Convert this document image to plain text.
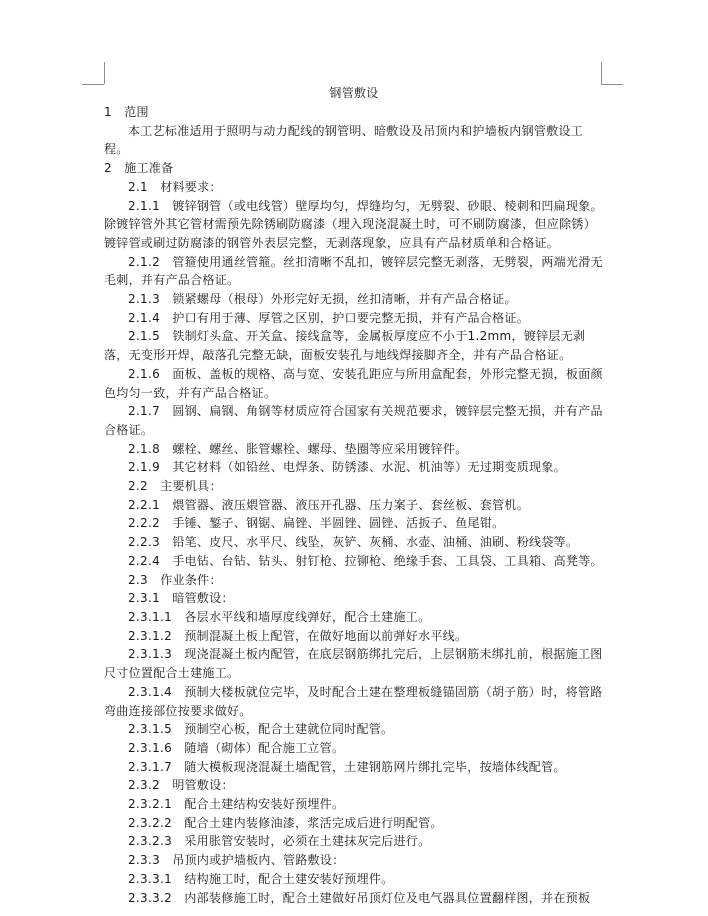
钢管敷设
1　范围
本工艺标准适用于照明与动力配线的钢管明、暗敷设及吊顶内和护墙板内钢管敷设工程。
2　施工准备
2.1　材料要求：
2.1.1　镀锌钢管（或电线管）壁厚均匀，焊缝均匀，无劈裂、砂眼、棱刺和凹扁现象。除镀锌管外其它管材需预先除锈刷防腐漆（埋入现浇混凝土时，可不刷防腐漆，但应除锈）镀锌管或刷过防腐漆的钢管外表层完整，无剥落现象，应具有产品材质单和合格证。
2.1.2　管箍使用通丝管箍。丝扣清晰不乱扣，镀锌层完整无剥落，无劈裂，两端光滑无毛刺，并有产品合格证。
2.1.3　锁紧螺母（根母）外形完好无损，丝扣清晰，并有产品合格证。
2.1.4　护口有用于薄、厚管之区别，护口要完整无损，并有产品合格证。
2.1.5　铁制灯头盒、开关盒、接线盒等，金属板厚度应不小于1.2mm，镀锌层无剥落，无变形开焊，敲落孔完整无缺，面板安装孔与地线焊接脚齐全，并有产品合格证。
2.1.6　面板、盖板的规格、高与宽、安装孔距应与所用盒配套，外形完整无损，板面颜色均匀一致，并有产品合格证。
2.1.7　圆钢、扁钢、角钢等材质应符合国家有关规范要求，镀锌层完整无损，并有产品合格证。
2.1.8　螺栓、螺丝、胀管螺栓、螺母、垫圈等应采用镀锌件。
2.1.9　其它材料（如铅丝、电焊条、防锈漆、水泥、机油等）无过期变质现象。
2.2　主要机具：
2.2.1　煨管器、液压煨管器、液压开孔器、压力案子、套丝板、套管机。
2.2.2　手锤、錾子、钢锯、扁锉、半圆锉、圆锉、活扳子、鱼尾钳。
2.2.3　铅笔、皮尺、水平尺、线坠，灰铲、灰桶、水壶、油桶、油刷、粉线袋等。
2.2.4　手电钻、台钻、钻头、射钉枪、拉铆枪、绝缘手套、工具袋、工具箱、高凳等。
2.3　作业条件：
2.3.1　暗管敷设：
2.3.1.1　各层水平线和墙厚度线弹好，配合土建施工。
2.3.1.2　预制混凝土板上配管，在做好地面以前弹好水平线。
2.3.1.3　现浇混凝土板内配管，在底层钢筋绑扎完后，上层钢筋未绑扎前，根据施工图尺寸位置配合土建施工。
2.3.1.4　预制大楼板就位完毕，及时配合土建在整理板缝锚固筋（胡子筋）时，将管路弯曲连接部位按要求做好。
2.3.1.5　预制空心板，配合土建就位同时配管。
2.3.1.6　随墙（砌体）配合施工立管。
2.3.1.7　随大模板现浇混凝土墙配管，土建钢筋网片绑扎完毕，按墙体线配管。
2.3.2　明管敷设：
2.3.2.1　配合土建结构安装好预埋件。
2.3.2.2　配合土建内装修油漆，浆活完成后进行明配管。
2.3.2.3　采用胀管安装时，必须在土建抹灰完后进行。
2.3.3　吊顶内或护墙板内、管路敷设：
2.3.3.1　结构施工时，配合土建安装好预埋件。
2.3.3.2　内部装修施工时，配合土建做好吊顶灯位及电气器具位置翻样图，并在预板
